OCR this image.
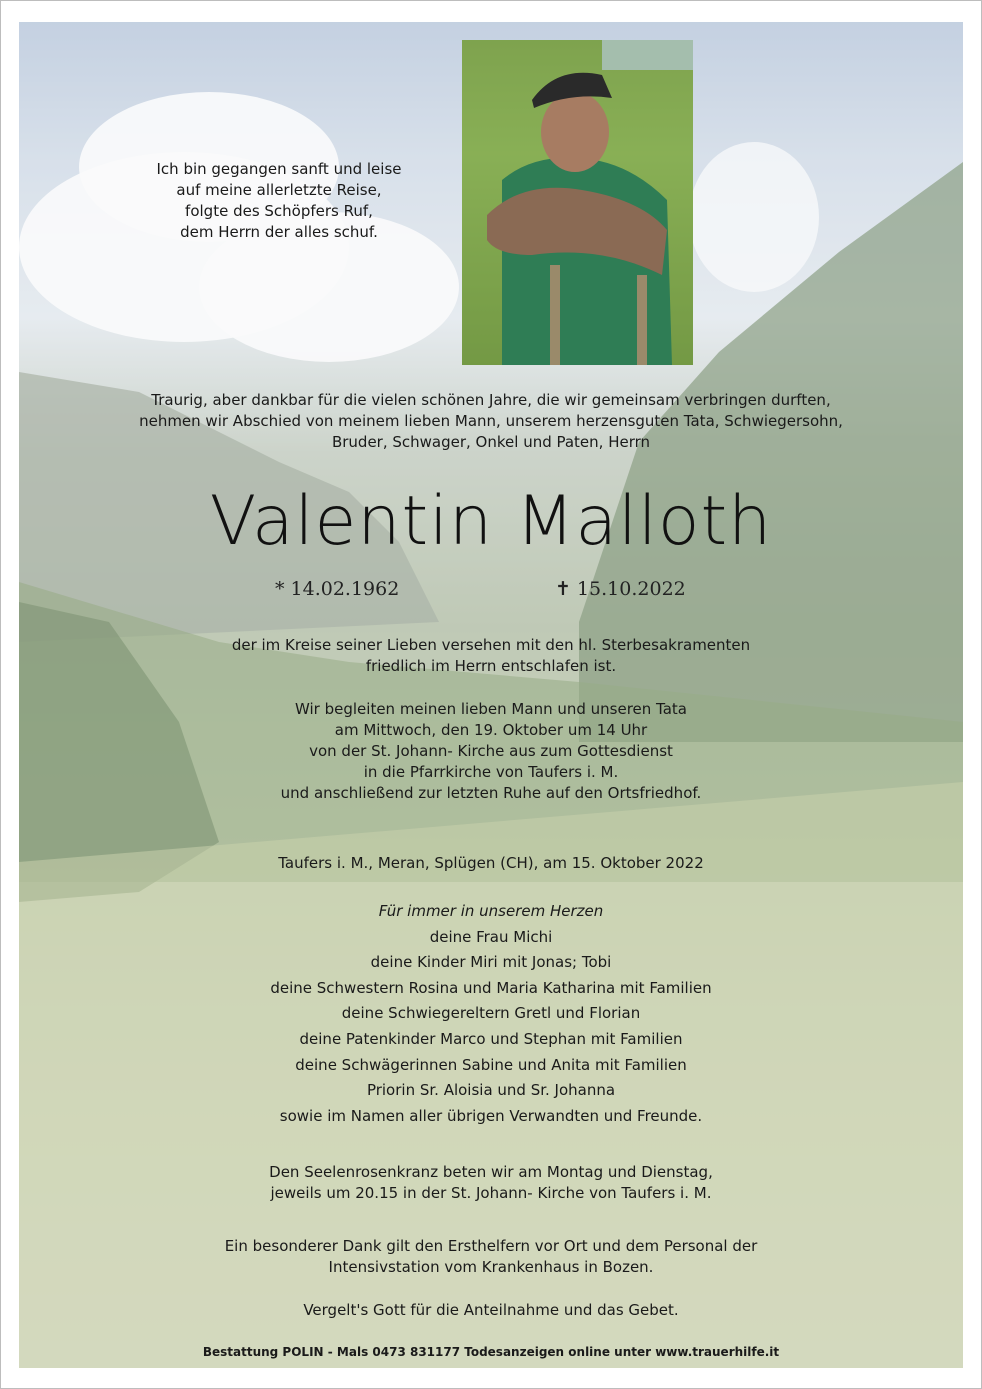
Ich bin gegangen sanft und leise
auf meine allerletzte Reise,
folgte des Schöpfers Ruf,
dem Herrn der alles schuf.
Traurig, aber dankbar für die vielen schönen Jahre, die wir gemeinsam verbringen durften,
nehmen wir Abschied von meinem lieben Mann, unserem herzensguten Tata, Schwiegersohn,
Bruder, Schwager, Onkel und Paten, Herrn
Valentin Malloth
* 14.02.1962	✝ 15.10.2022
der im Kreise seiner Lieben versehen mit den hl. Sterbesakramenten
friedlich im Herrn entschlafen ist.
Wir begleiten meinen lieben Mann und unseren Tata
am Mittwoch, den 19. Oktober um 14 Uhr
von der St. Johann- Kirche aus zum Gottesdienst
in die Pfarrkirche von Taufers i. M.
und anschließend zur letzten Ruhe auf den Ortsfriedhof.
Taufers i. M., Meran, Splügen (CH), am 15. Oktober 2022
Für immer in unserem Herzen
deine Frau Michi
deine Kinder Miri mit Jonas; Tobi
deine Schwestern Rosina und Maria Katharina mit Familien
deine Schwiegereltern Gretl und Florian
deine Patenkinder Marco und Stephan mit Familien
deine Schwägerinnen Sabine und Anita mit Familien
Priorin Sr. Aloisia und Sr. Johanna
sowie im Namen aller übrigen Verwandten und Freunde.
Den Seelenrosenkranz beten wir am Montag und Dienstag,
jeweils um 20.15 in der St. Johann- Kirche von Taufers i. M.
Ein besonderer Dank gilt den Ersthelfern vor Ort und dem Personal der
Intensivstation vom Krankenhaus in Bozen.
Vergelt's Gott für die Anteilnahme und das Gebet.
Bestattung POLIN - Mals 0473 831177 Todesanzeigen online unter www.trauerhilfe.it
